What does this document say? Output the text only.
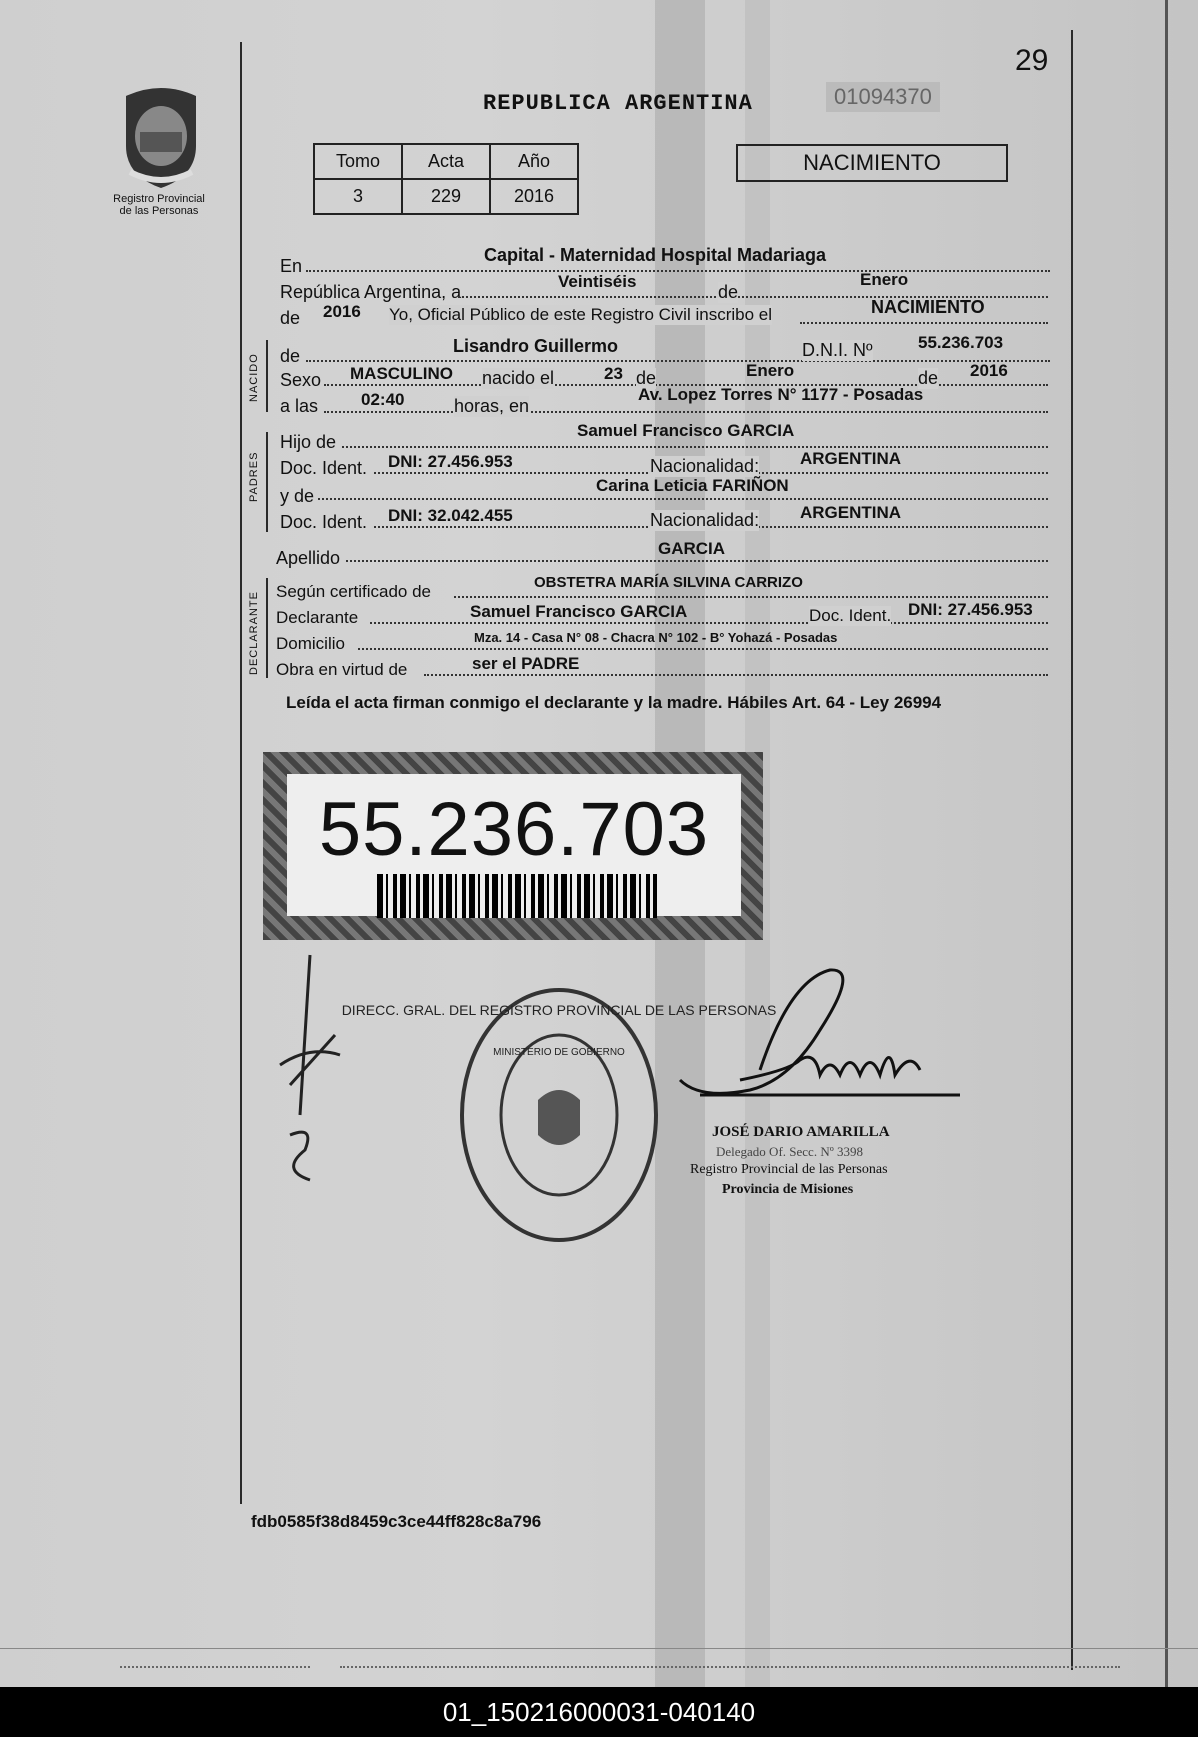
29
Registro Provincial de las Personas
REPUBLICA ARGENTINA	01094370
Tomo	Acta	Año
3	229	2016
NACIMIENTO
NACIDO
PADRES
DECLARANTE
En
Capital - Maternidad Hospital Madariaga
República Argentina, a
Veintiséis
de
Enero
de 2016 Yo, Oficial Público de este Registro Civil inscribo el	NACIMIENTO
de	Lisandro Guillermo	D.N.I. Nº	55.236.703
Sexo MASCULINO nacido el	23 de	Enero	de 2016
a las	02:40	horas, en
Av. Lopez Torres N° 1177 - Posadas
Hijo de
Samuel Francisco GARCIA
Doc. Ident. DNI: 27.456.953	Nacionalidad: ARGENTINA
y de
Carina Leticia FARIÑON
Doc. Ident. DNI: 32.042.455	Nacionalidad: ARGENTINA
Apellido	GARCIA
Según certificado de	OBSTETRA MARÍA SILVINA CARRIZO
Declarante	Samuel Francisco GARCIA	Doc. Ident. DNI: 27.456.953
Domicilio	Mza. 14 - Casa N° 08 - Chacra N° 102 - B° Yohazá - Posadas
Obra en virtud de	ser el PADRE
Leída el acta firman conmigo el declarante y la madre. Hábiles Art. 64 - Ley 26994
55.236.703
DIRECC. GRAL. DEL REGISTRO PROVINCIAL DE LAS PERSONAS
MINISTERIO DE GOBIERNO
JOSÉ DARIO AMARILLA
Delegado Of. Secc. Nº 3398
Registro Provincial de las Personas
Provincia de Misiones
fdb0585f38d8459c3ce44ff828c8a796
01_150216000031-040140
